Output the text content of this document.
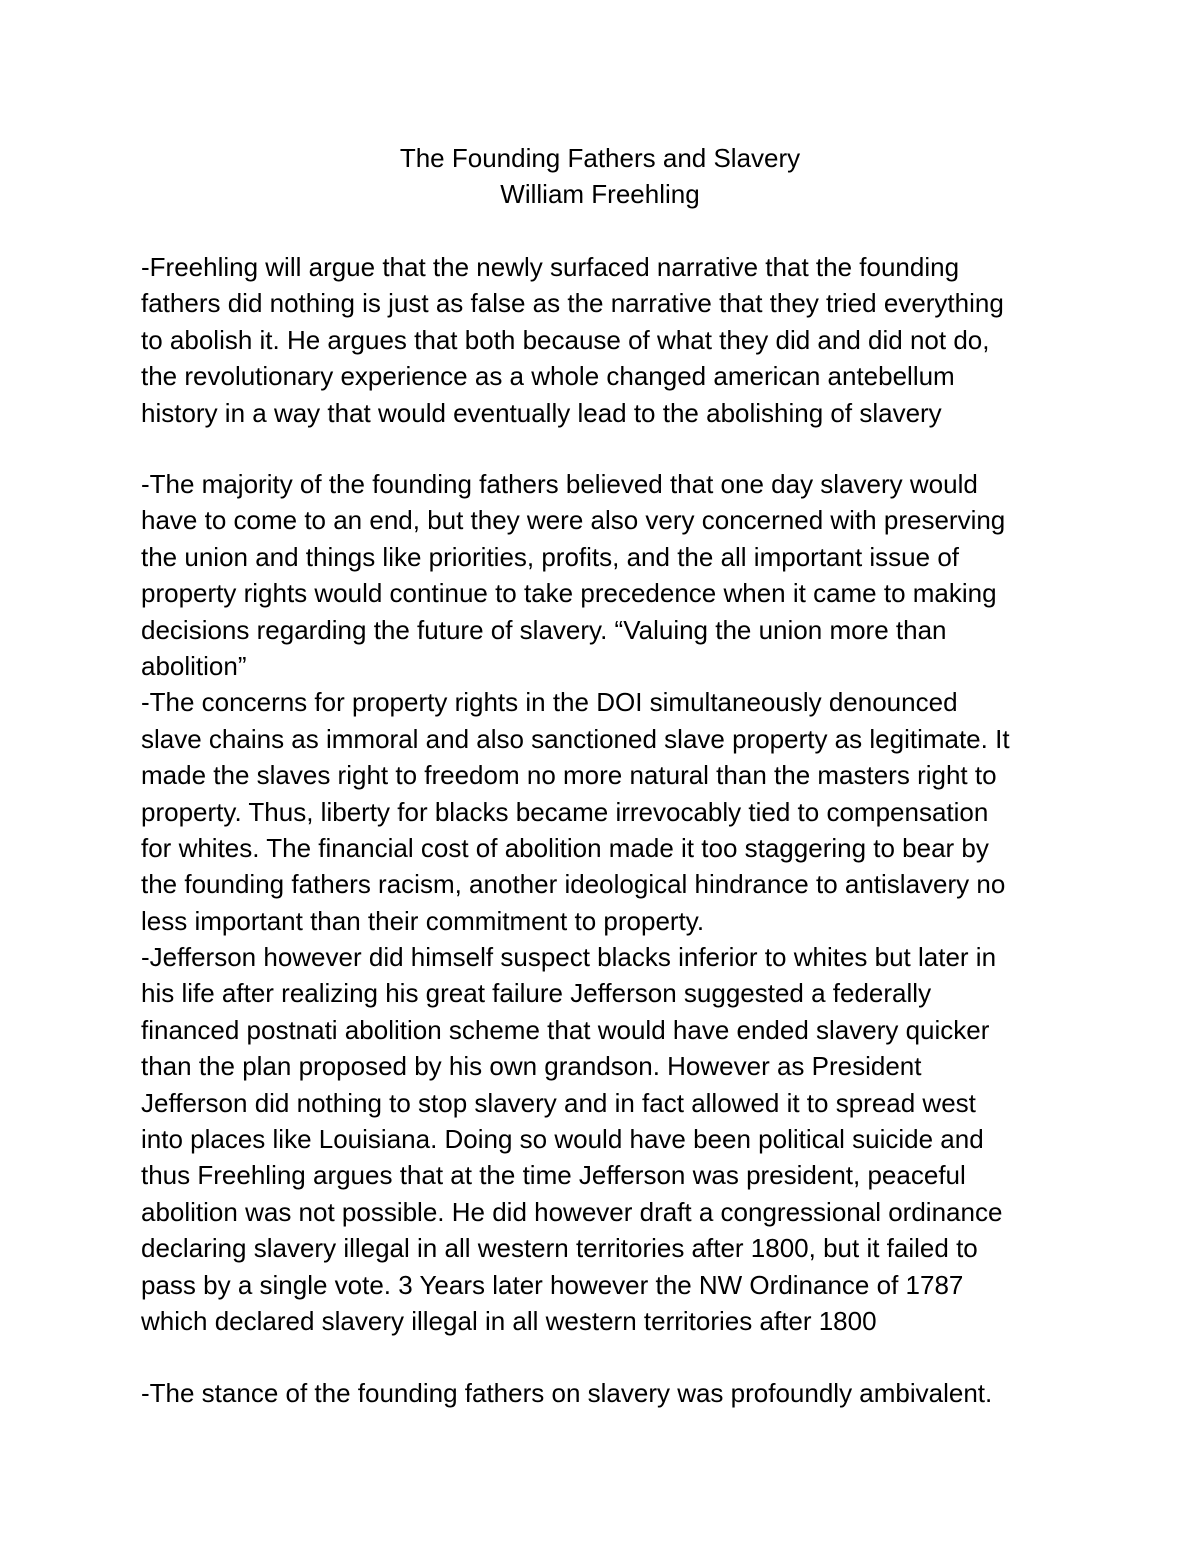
The Founding Fathers and Slavery
William Freehling
-Freehling will argue that the newly surfaced narrative that the founding
fathers did nothing is just as false as the narrative that they tried everything
to abolish it. He argues that both because of what they did and did not do,
the revolutionary experience as a whole changed american antebellum
history in a way that would eventually lead to the abolishing of slavery
-The majority of the founding fathers believed that one day slavery would
have to come to an end, but they were also very concerned with preserving
the union and things like priorities, profits, and the all important issue of
property rights would continue to take precedence when it came to making
decisions regarding the future of slavery. “Valuing the union more than
abolition”
-The concerns for property rights in the DOI simultaneously denounced
slave chains as immoral and also sanctioned slave property as legitimate. It
made the slaves right to freedom no more natural than the masters right to
property. Thus, liberty for blacks became irrevocably tied to compensation
for whites. The financial cost of abolition made it too staggering to bear by
the founding fathers racism, another ideological hindrance to antislavery no
less important than their commitment to property.
-Jefferson however did himself suspect blacks inferior to whites but later in
his life after realizing his great failure Jefferson suggested a federally
financed postnati abolition scheme that would have ended slavery quicker
than the plan proposed by his own grandson. However as President
Jefferson did nothing to stop slavery and in fact allowed it to spread west
into places like Louisiana. Doing so would have been political suicide and
thus Freehling argues that at the time Jefferson was president, peaceful
abolition was not possible. He did however draft a congressional ordinance
declaring slavery illegal in all western territories after 1800, but it failed to
pass by a single vote. 3 Years later however the NW Ordinance of 1787
which declared slavery illegal in all western territories after 1800
-The stance of the founding fathers on slavery was profoundly ambivalent.
